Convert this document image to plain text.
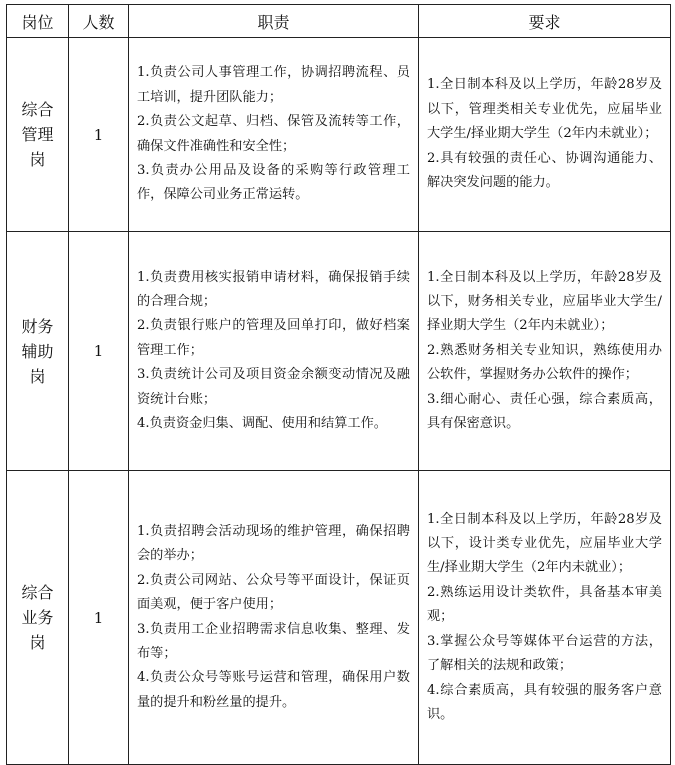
岗位	人数	职责	要求
综合管理岗	1	1.负责公司人事管理工作，协调招聘流程、员工培训，提升团队能力；
2.负责公文起草、归档、保管及流转等工作，确保文件准确性和安全性；
3.负责办公用品及设备的采购等行政管理工作，保障公司业务正常运转。	1.全日制本科及以上学历，年龄28岁及以下，管理类相关专业优先，应届毕业大学生/择业期大学生（2年内未就业）；
2.具有较强的责任心、协调沟通能力、解决突发问题的能力。

财务辅助岗	1	1.负责费用核实报销申请材料，确保报销手续的合理合规；
2.负责银行账户的管理及回单打印，做好档案管理工作；
3.负责统计公司及项目资金余额变动情况及融资统计台账；
4.负责资金归集、调配、使用和结算工作。	1.全日制本科及以上学历，年龄28岁及以下，财务相关专业，应届毕业大学生/择业期大学生（2年内未就业）；
2.熟悉财务相关专业知识，熟练使用办公软件，掌握财务办公软件的操作；
3.细心耐心、责任心强，综合素质高，具有保密意识。

综合业务岗	1	1.负责招聘会活动现场的维护管理，确保招聘会的举办；
2.负责公司网站、公众号等平面设计，保证页面美观，便于客户使用；
3.负责用工企业招聘需求信息收集、整理、发布等；
4.负责公众号等账号运营和管理，确保用户数量的提升和粉丝量的提升。	1.全日制本科及以上学历，年龄28岁及以下，设计类专业优先，应届毕业大学生/择业期大学生（2年内未就业）；
2.熟练运用设计类软件，具备基本审美观；
3.掌握公众号等媒体平台运营的方法，了解相关的法规和政策；
4.综合素质高，具有较强的服务客户意识。
